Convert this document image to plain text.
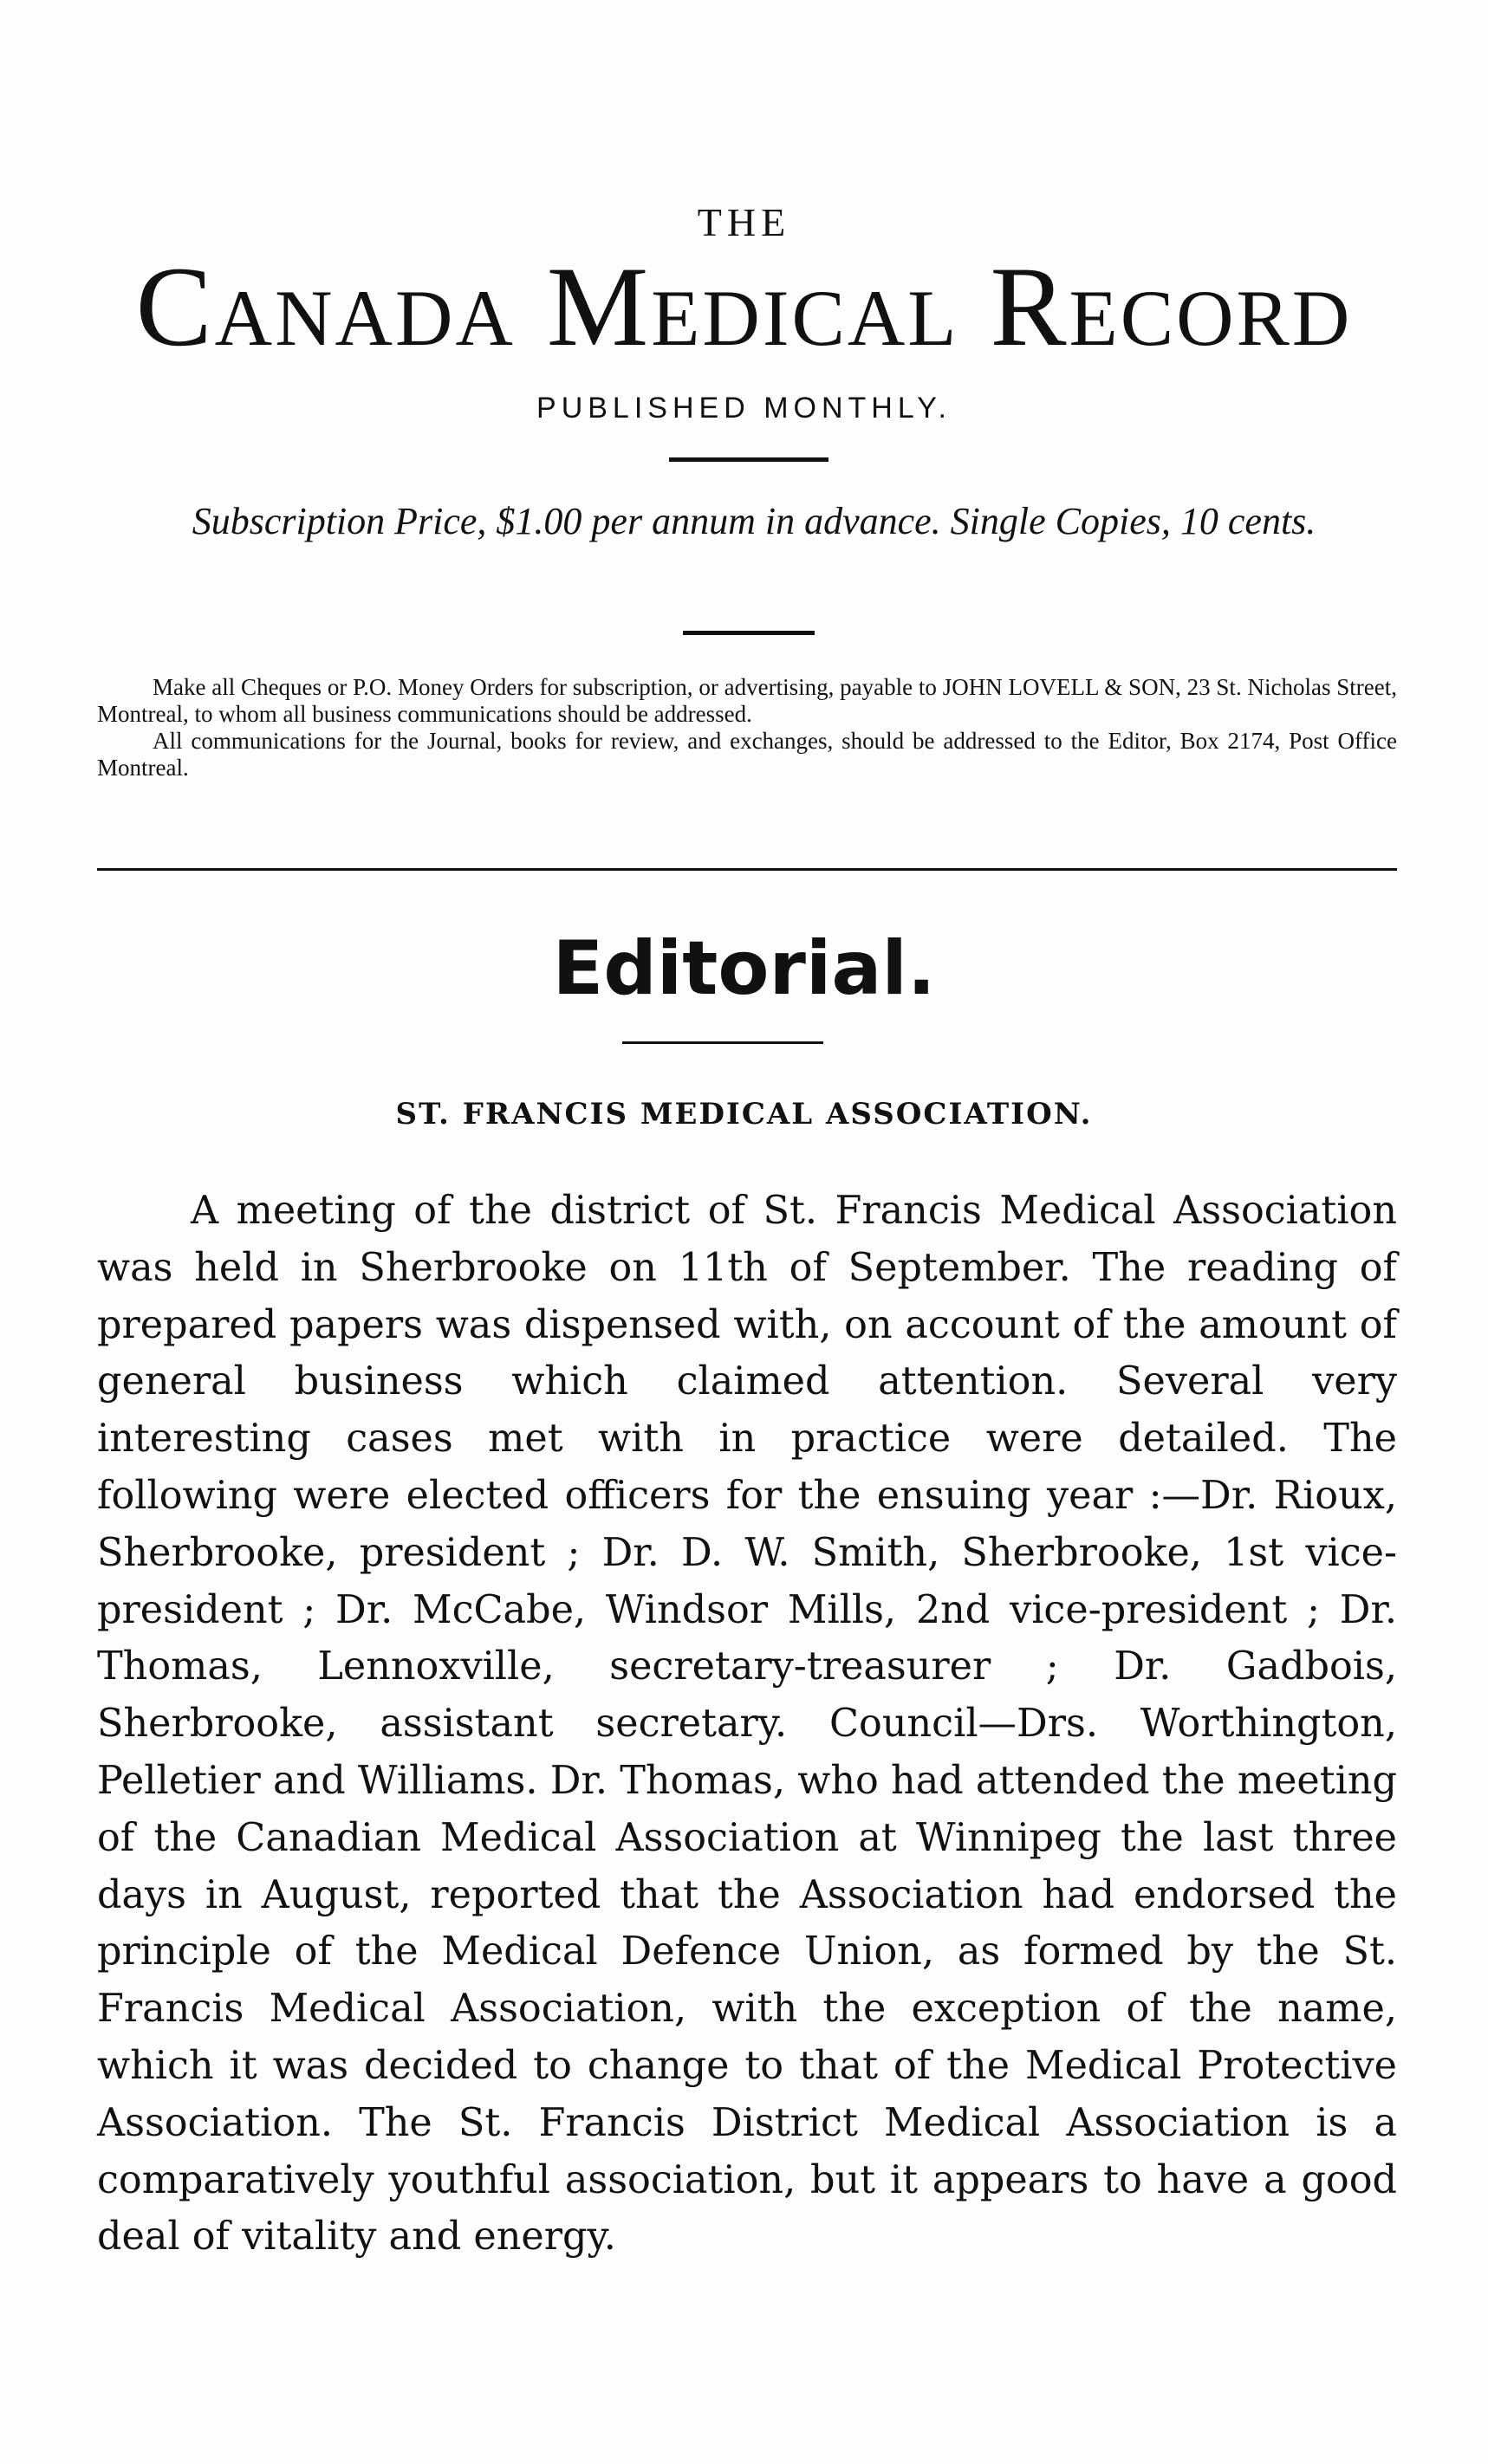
THE
Canada Medical Record
PUBLISHED MONTHLY.
Subscription Price, $1.00 per annum in advance. Single Copies, 10 cents.

Make all Cheques or P.O. Money Orders for subscription, or advertising, payable to JOHN LOVELL & SON, 23 St. Nicholas Street, Montreal, to whom all business communications should be addressed.

All communications for the Journal, books for review, and exchanges, should be addressed to the Editor, Box 2174, Post Office Montreal.

Editorial.
ST. FRANCIS MEDICAL ASSOCIATION.

A meeting of the district of St. Francis Medical Association was held in Sherbrooke on 11th of September. The reading of prepared papers was dispensed with, on account of the amount of general business which claimed attention. Several very interesting cases met with in practice were detailed. The following were elected officers for the ensuing year :—Dr. Rioux, Sherbrooke, president ; Dr. D. W. Smith, Sherbrooke, 1st vice-president ; Dr. McCabe, Windsor Mills, 2nd vice-president ; Dr. Thomas, Lennoxville, secretary-treasurer ; Dr. Gadbois, Sherbrooke, assistant secretary. Council—Drs. Worthington, Pelletier and Williams. Dr. Thomas, who had attended the meeting of the Canadian Medical Association at Winnipeg the last three days in August, reported that the Association had endorsed the principle of the Medical Defence Union, as formed by the St. Francis Medical Association, with the exception of the name, which it was decided to change to that of the Medical Protective Association. The St. Francis District Medical Association is a comparatively youthful association, but it appears to have a good deal of vitality and energy.
